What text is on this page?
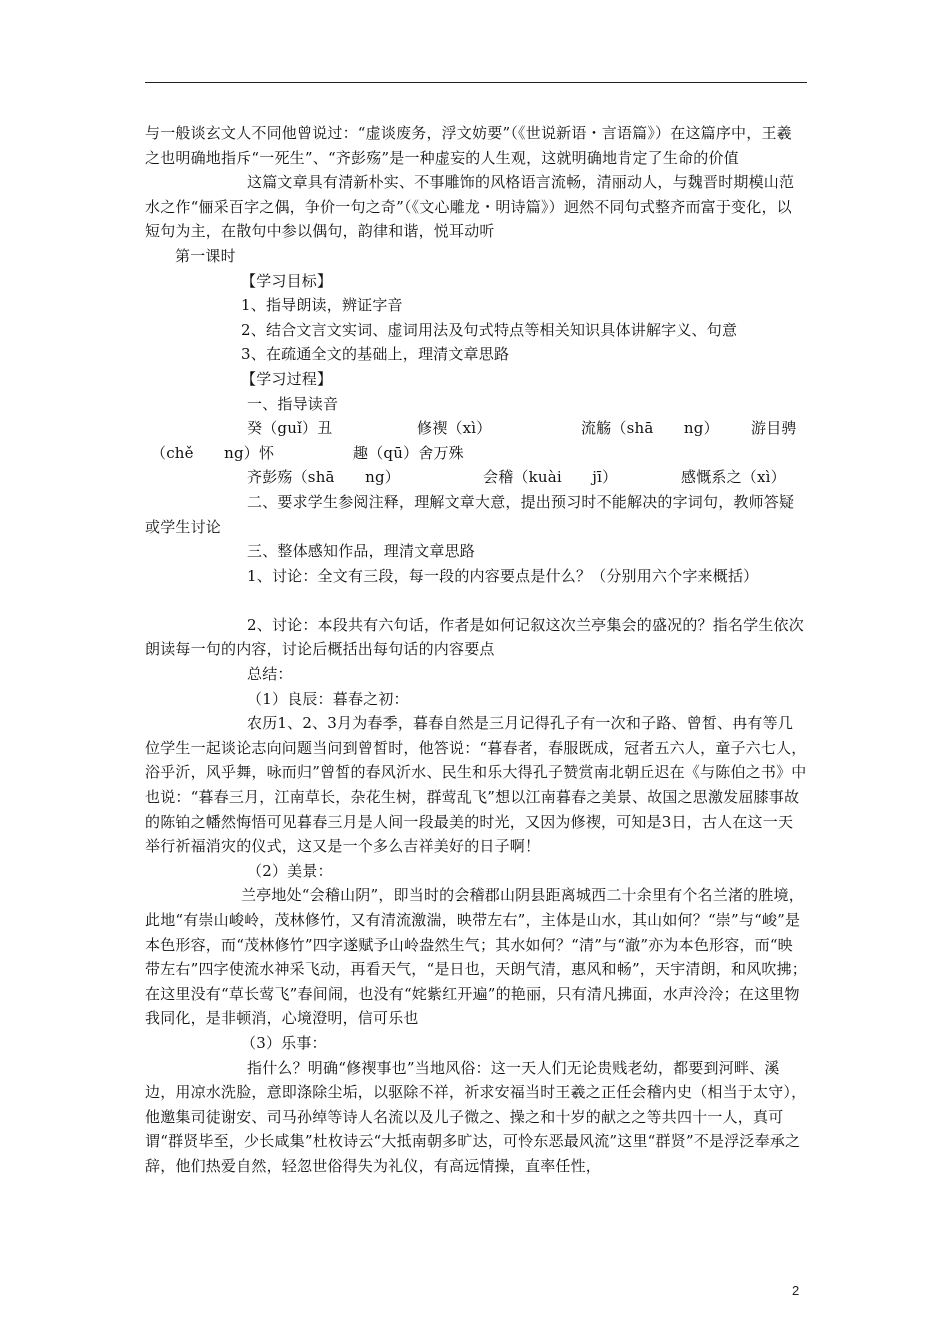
与一般谈玄文人不同他曾说过：“虚谈废务，浮文妨要”（《世说新语・言语篇》）在这篇序中，王羲之也明确地指斥“一死生”、“齐彭殇”是一种虚妄的人生观，这就明确地肯定了生命的价值

这篇文章具有清新朴实、不事雕饰的风格语言流畅，清丽动人，与魏晋时期模山范水之作“俪采百字之偶，争价一句之奇”（《文心雕龙・明诗篇》）迥然不同句式整齐而富于变化，以短句为主，在散句中参以偶句，韵律和谐，悦耳动听

第一课时

【学习目标】

1、指导朗读，辨证字音

2、结合文言文实词、虚词用法及句式特点等相关知识具体讲解字义、句意

3、在疏通全文的基础上，理清文章思路

【学习过程】

一、指导读音

癸（guǐ）丑	修禊（xì）	流觞（shā　　ng） 游目骋
（chě　　ng）怀	趣（qū）舍万殊
齐彭殇（shā　　ng）	会稽（kuài　　jī）	感慨系之（xì）

二、要求学生参阅注释，理解文章大意，提出预习时不能解决的字词句，教师答疑或学生讨论

三、整体感知作品，理清文章思路

1、讨论：全文有三段，每一段的内容要点是什么？（分别用六个字来概括）

2、讨论：本段共有六句话，作者是如何记叙这次兰亭集会的盛况的？指名学生依次朗读每一句的内容，讨论后概括出每句话的内容要点

总结：

（1）良辰：暮春之初：

农历1、2、3月为春季，暮春自然是三月记得孔子有一次和子路、曾皙、冉有等几位学生一起谈论志向问题当问到曾皙时，他答说：“暮春者，春服既成，冠者五六人，童子六七人，浴乎沂，风乎舞，咏而归”曾皙的春风沂水、民生和乐大得孔子赞赏南北朝丘迟在《与陈伯之书》中也说：“暮春三月，江南草长，杂花生树，群莺乱飞”想以江南暮春之美景、故国之思激发屈膝事故的陈铂之幡然悔悟可见暮春三月是人间一段最美的时光，又因为修禊，可知是3日，古人在这一天举行祈福消灾的仪式，这又是一个多么吉祥美好的日子啊！

（2）美景：

兰亭地处“会稽山阴”，即当时的会稽郡山阴县距离城西二十余里有个名兰渚的胜境，此地“有崇山峻岭，茂林修竹，又有清流激湍，映带左右”，主体是山水，其山如何？“崇”与“峻”是本色形容，而“茂林修竹”四字遂赋予山岭盎然生气；其水如何？“清”与“澈”亦为本色形容，而“映带左右”四字使流水神采飞动，再看天气，“是日也，天朗气清，惠风和畅”，天宇清朗，和风吹拂；在这里没有“草长莺飞”春间闹，也没有“姹紫红开遍”的艳丽，只有清凡拂面，水声泠泠；在这里物我同化，是非顿消，心境澄明，信可乐也

（3）乐事：

指什么？明确“修禊事也”当地风俗：这一天人们无论贵贱老幼，都要到河畔、溪边，用凉水洗脸，意即涤除尘垢，以驱除不祥，祈求安福当时王羲之正任会稽内史（相当于太守），他邀集司徒谢安、司马孙绰等诗人名流以及儿子微之、操之和十岁的献之之等共四十一人，真可谓“群贤毕至，少长咸集”杜枚诗云“大抵南朝多旷达，可怜东恶最风流”这里“群贤”不是浮泛奉承之辞，他们热爱自然，轻忽世俗得失为礼仪，有高远情操，直率任性，

2
